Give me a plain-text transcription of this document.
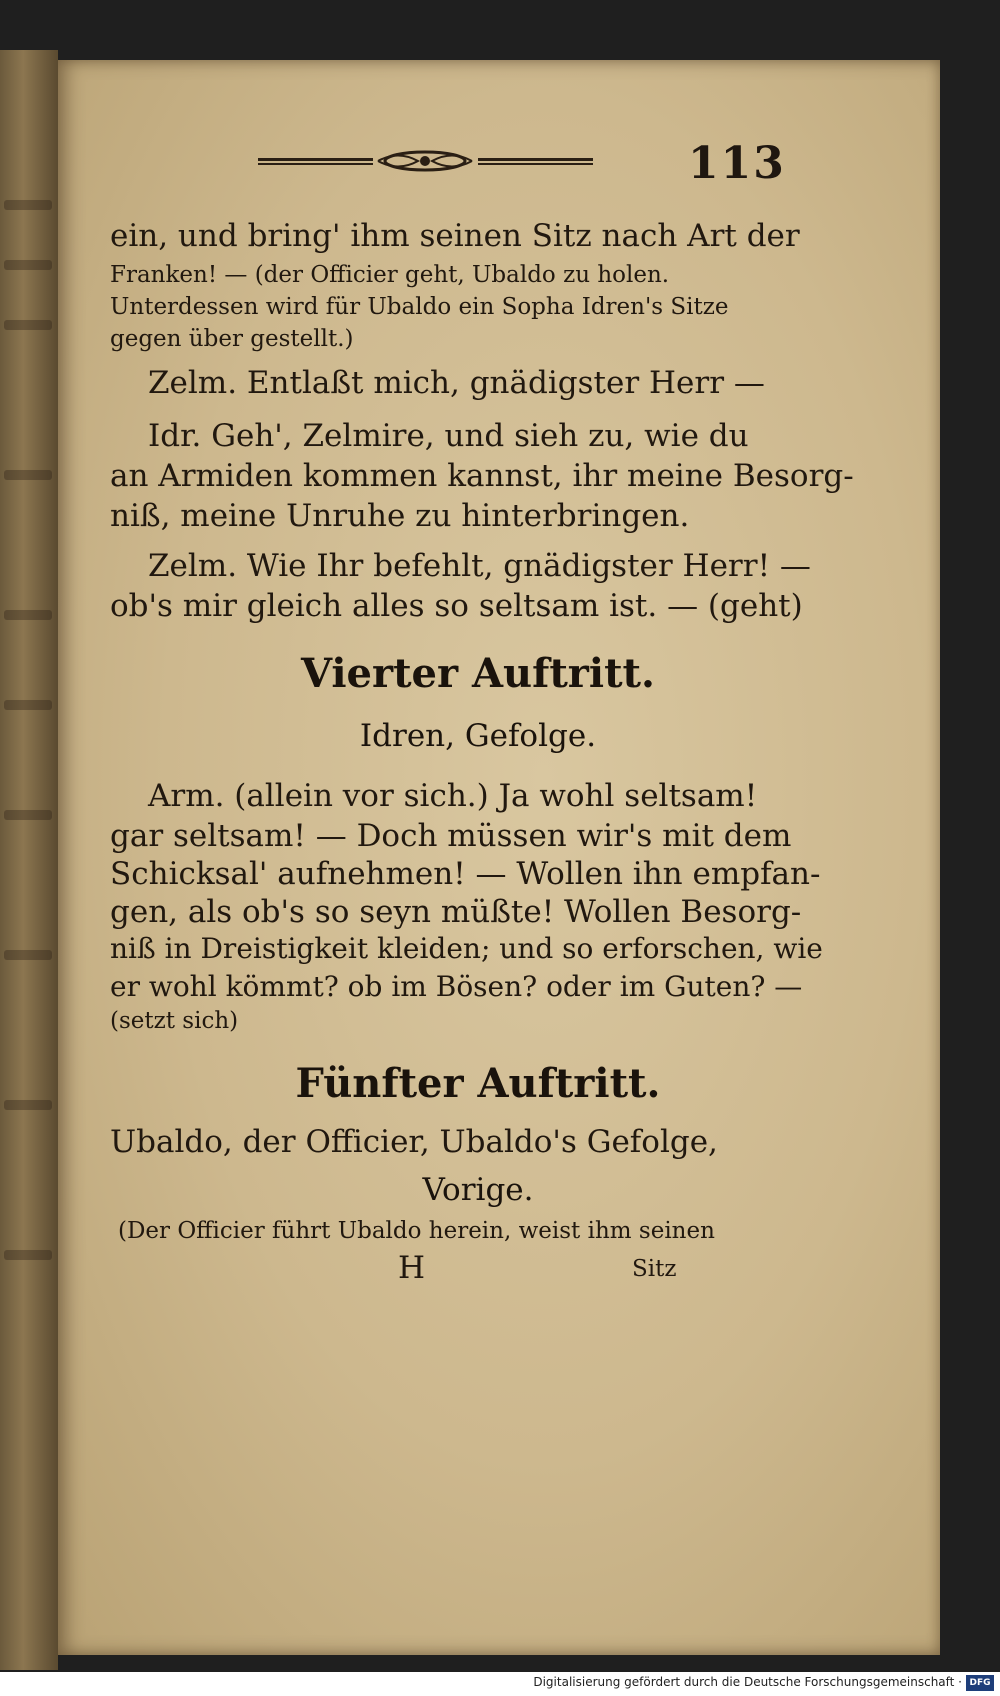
113
ein, und bring' ihm seinen Sitz nach Art der
Franken! — (der Officier geht, Ubaldo zu holen.
Unterdessen wird für Ubaldo ein Sopha Idren's Sitze
gegen über gestellt.)
Zelm. Entlaßt mich, gnädigster Herr —
Idr. Geh', Zelmire, und sieh zu, wie du
an Armiden kommen kannst, ihr meine Besorg-
niß, meine Unruhe zu hinterbringen.
Zelm. Wie Ihr befehlt, gnädigster Herr! —
ob's mir gleich alles so seltsam ist. — (geht)
Vierter Auftritt.
Idren, Gefolge.
Arm. (allein vor sich.) Ja wohl seltsam!
gar seltsam! — Doch müssen wir's mit dem
Schicksal' aufnehmen! — Wollen ihn empfan-
gen, als ob's so seyn müßte! Wollen Besorg-
niß in Dreistigkeit kleiden; und so erforschen, wie
er wohl kömmt? ob im Bösen? oder im Guten? —
(setzt sich)
Fünfter Auftritt.
Ubaldo, der Officier, Ubaldo's Gefolge,
Vorige.
(Der Officier führt Ubaldo herein, weist ihm seinen
H	Sitz
Digitalisierung gefördert durch die Deutsche Forschungsgemeinschaft · DFG
